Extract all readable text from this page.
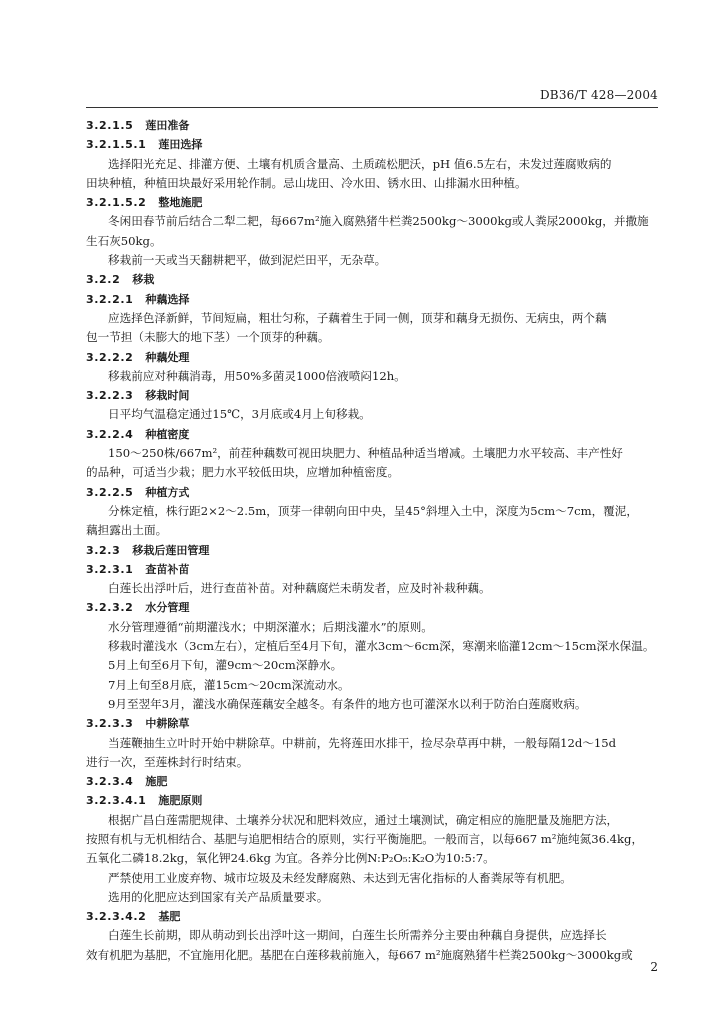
DB36/T 428—2004
3.2.1.5 莲田准备
3.2.1.5.1 莲田选择
选择阳光充足、排灌方便、土壤有机质含量高、土质疏松肥沃，pH 值6.5左右，未发过莲腐败病的
田块种植，种植田块最好采用轮作制。忌山垅田、冷水田、锈水田、山排漏水田种植。
3.2.1.5.2 整地施肥
冬闲田春节前后结合二犁二耙，每667m²施入腐熟猪牛栏粪2500kg～3000kg或人粪尿2000kg，并撒施
生石灰50kg。
移栽前一天或当天翻耕耙平，做到泥烂田平，无杂草。
3.2.2 移栽
3.2.2.1 种藕选择
应选择色泽新鲜，节间短扁，粗壮匀称，子藕着生于同一侧，顶芽和藕身无损伤、无病虫，两个藕
包一节担（未膨大的地下茎）一个顶芽的种藕。
3.2.2.2 种藕处理
移栽前应对种藕消毒，用50%多菌灵1000倍液喷闷12h。
3.2.2.3 移栽时间
日平均气温稳定通过15℃，3月底或4月上旬移栽。
3.2.2.4 种植密度
150～250株/667m²，前茬种藕数可视田块肥力、种植品种适当增减。土壤肥力水平较高、丰产性好
的品种，可适当少栽；肥力水平较低田块，应增加种植密度。
3.2.2.5 种植方式
分株定植，株行距2×2～2.5m，顶芽一律朝向田中央，呈45°斜埋入土中，深度为5cm～7cm，覆泥，
藕担露出土面。
3.2.3 移栽后莲田管理
3.2.3.1 查苗补苗
白莲长出浮叶后，进行查苗补苗。对种藕腐烂未萌发者，应及时补栽种藕。
3.2.3.2 水分管理
水分管理遵循“前期灌浅水；中期深灌水；后期浅灌水”的原则。
移栽时灌浅水（3cm左右），定植后至4月下旬，灌水3cm～6cm深，寒潮来临灌12cm～15cm深水保温。
5月上旬至6月下旬，灌9cm～20cm深静水。
7月上旬至8月底，灌15cm～20cm深流动水。
9月至翌年3月，灌浅水确保莲藕安全越冬。有条件的地方也可灌深水以利于防治白莲腐败病。
3.2.3.3 中耕除草
当莲鞭抽生立叶时开始中耕除草。中耕前，先将莲田水排干，捡尽杂草再中耕，一般每隔12d～15d
进行一次，至莲株封行时结束。
3.2.3.4 施肥
3.2.3.4.1 施肥原则
根据广昌白莲需肥规律、土壤养分状况和肥料效应，通过土壤测试，确定相应的施肥量及施肥方法，
按照有机与无机相结合、基肥与追肥相结合的原则，实行平衡施肥。一般而言，以每667 m²施纯氮36.4kg，
五氧化二磷18.2kg，氧化钾24.6kg 为宜。各养分比例N:P₂O₅:K₂O为10:5:7。
严禁使用工业废弃物、城市垃圾及未经发酵腐熟、未达到无害化指标的人畜粪尿等有机肥。
选用的化肥应达到国家有关产品质量要求。
3.2.3.4.2 基肥
白莲生长前期，即从萌动到长出浮叶这一期间，白莲生长所需养分主要由种藕自身提供，应选择长
效有机肥为基肥，不宜施用化肥。基肥在白莲移栽前施入，每667 m²施腐熟猪牛栏粪2500kg～3000kg或
2
